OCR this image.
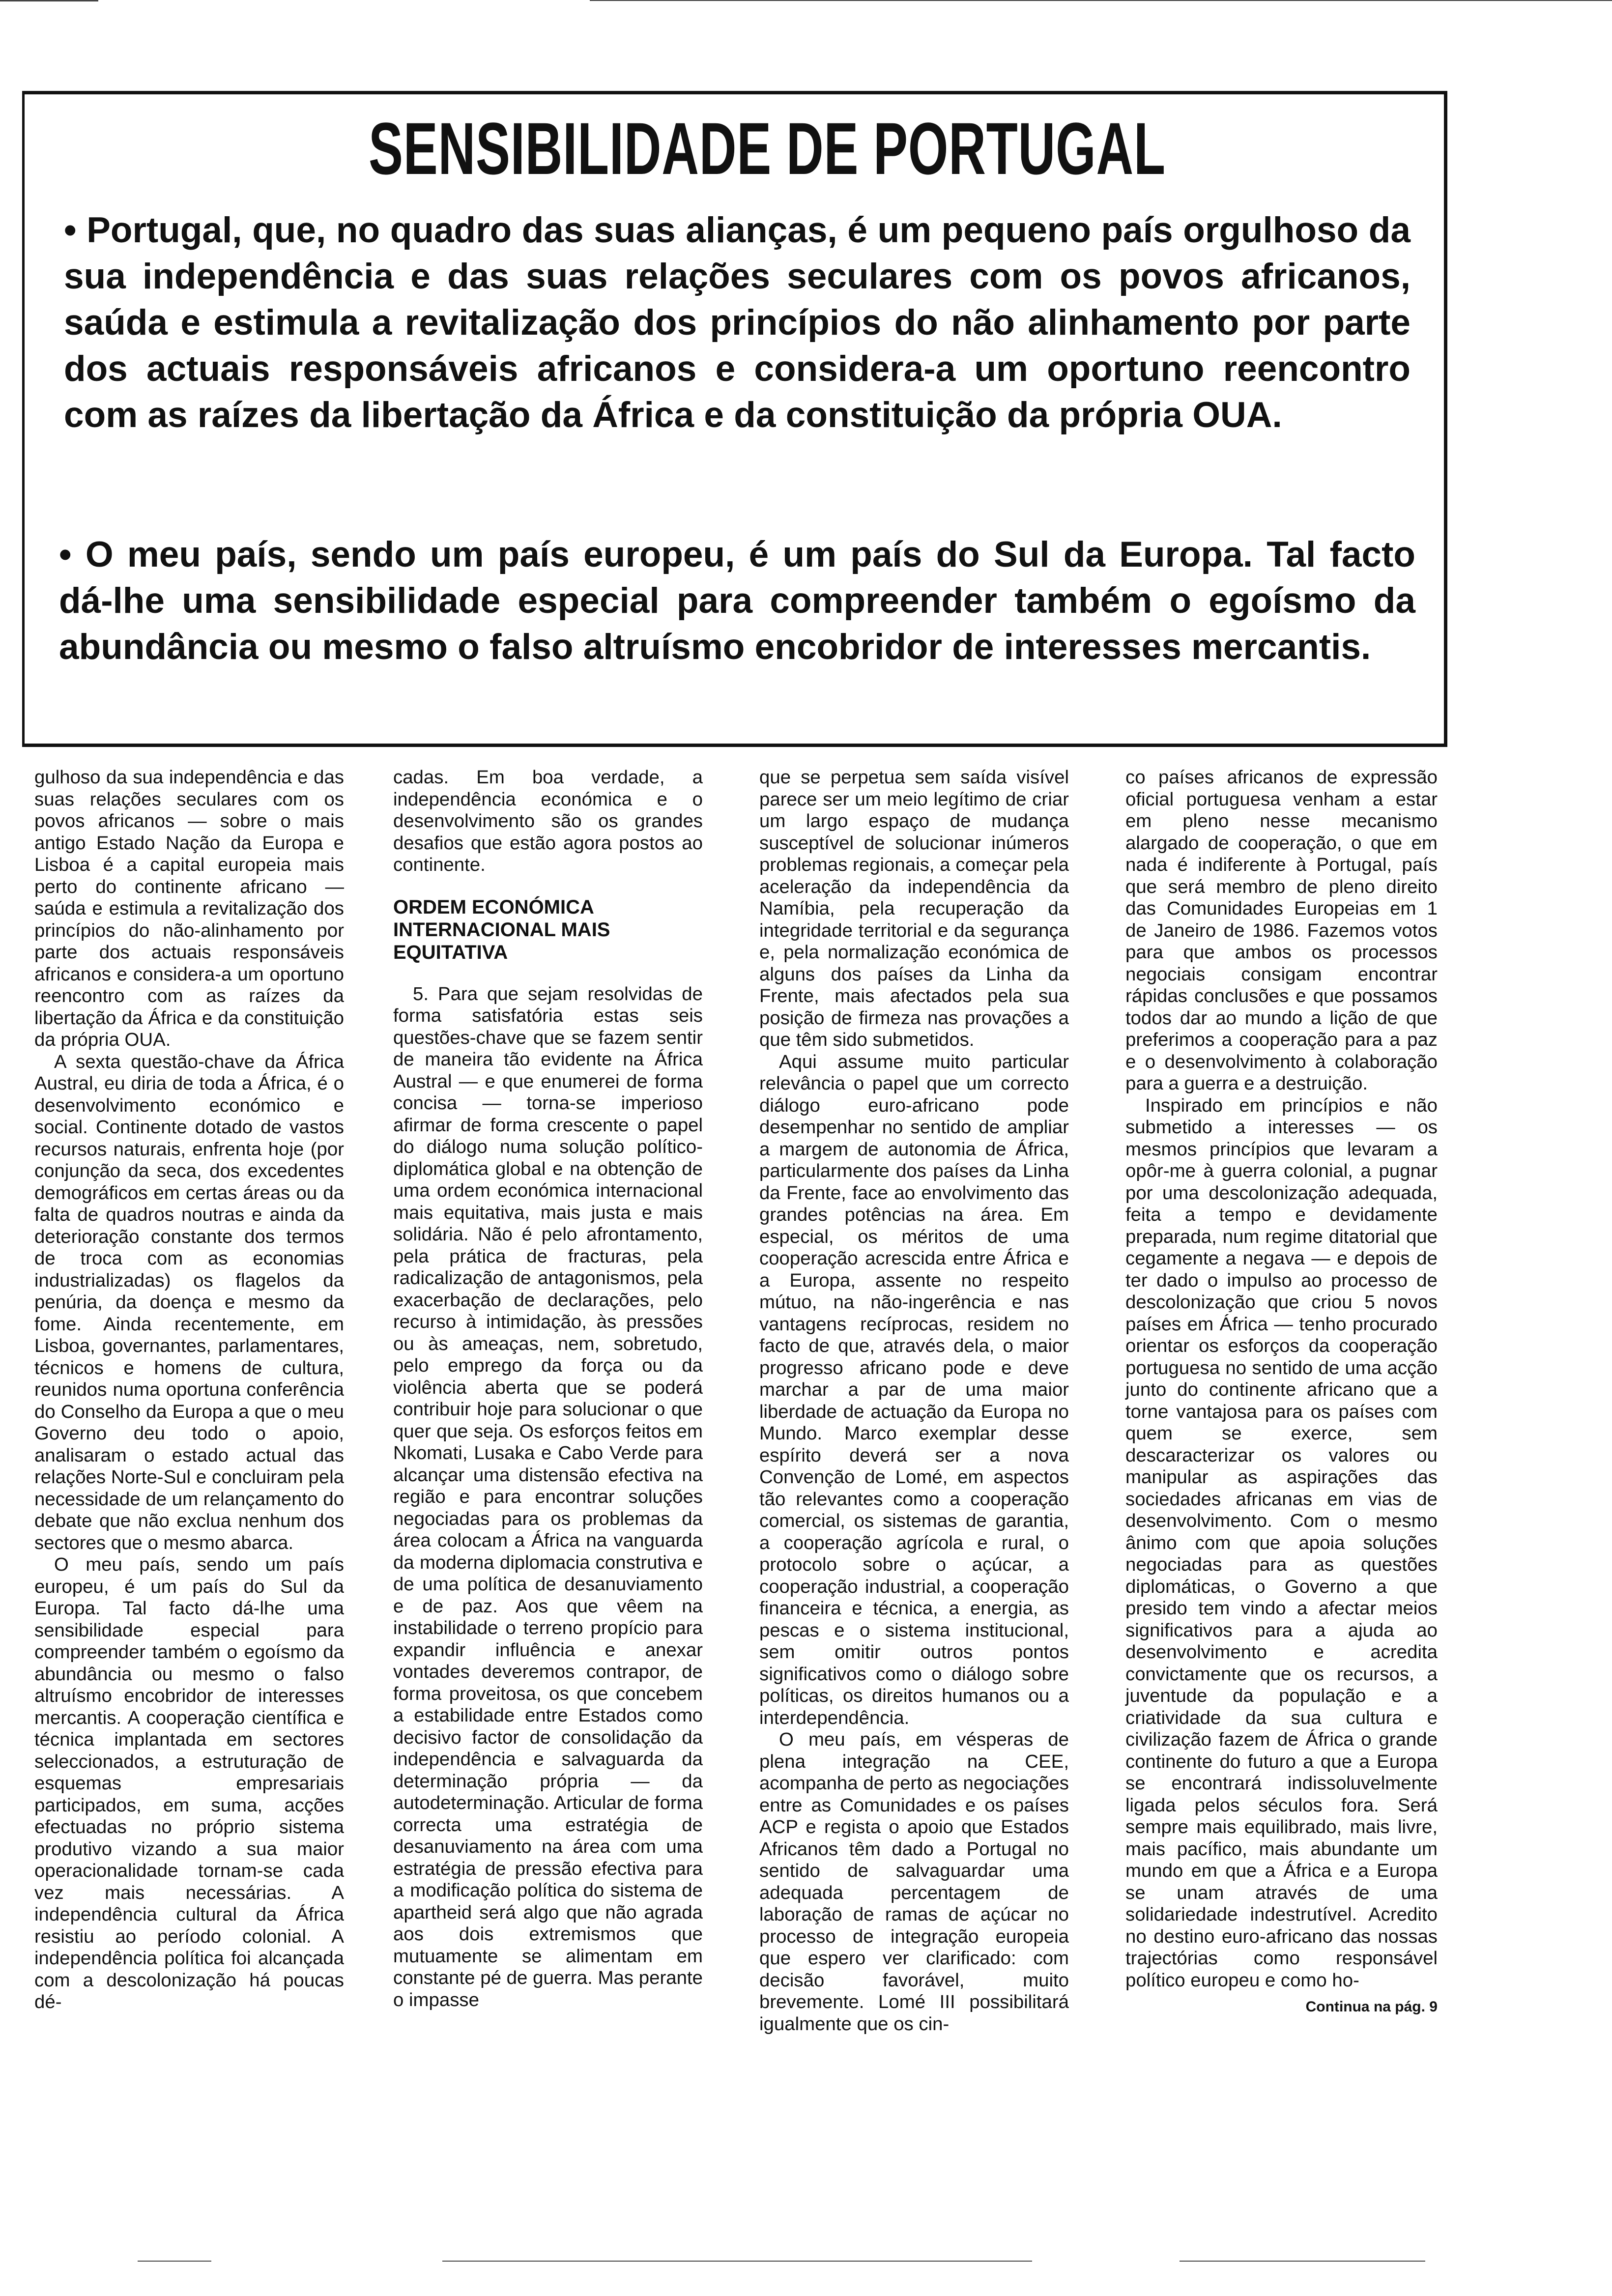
SENSIBILIDADE DE PORTUGAL

• Portugal, que, no quadro das suas alianças, é um pequeno país orgulhoso da sua independência e das suas relações seculares com os povos africanos, saúda e estimula a revitalização dos princípios do não alinhamento por parte dos actuais responsáveis africanos e considera-a um oportuno reencontro com as raízes da libertação da África e da constituição da própria OUA.

• O meu país, sendo um país europeu, é um país do Sul da Europa. Tal facto dá-lhe uma sensibilidade especial para compreender também o egoísmo da abundância ou mesmo o falso altruísmo encobridor de interesses mercantis.

gulhoso da sua independência e das suas relações seculares com os povos africanos — sobre o mais antigo Estado Nação da Europa e Lisboa é a capital europeia mais perto do continente africano — saúda e estimula a revitalização dos princípios do não-alinhamento por parte dos actuais responsáveis africanos e considera-a um oportuno reencontro com as raízes da libertação da África e da constituição da própria OUA.

A sexta questão-chave da África Austral, eu diria de toda a África, é o desenvolvimento económico e social. Continente dotado de vastos recursos naturais, enfrenta hoje (por conjunção da seca, dos excedentes demográficos em certas áreas ou da falta de quadros noutras e ainda da deterioração constante dos termos de troca com as economias industrializadas) os flagelos da penúria, da doença e mesmo da fome. Ainda recentemente, em Lisboa, governantes, parlamentares, técnicos e homens de cultura, reunidos numa oportuna conferência do Conselho da Europa a que o meu Governo deu todo o apoio, analisaram o estado actual das relações Norte-Sul e concluiram pela necessidade de um relançamento do debate que não exclua nenhum dos sectores que o mesmo abarca.

O meu país, sendo um país europeu, é um país do Sul da Europa. Tal facto dá-lhe uma sensibilidade especial para compreender também o egoísmo da abundância ou mesmo o falso altruísmo encobridor de interesses mercantis. A cooperação científica e técnica implantada em sectores seleccionados, a estruturação de esquemas empresariais participados, em suma, acções efectuadas no próprio sistema produtivo vizando a sua maior operacionalidade tornam-se cada vez mais necessárias. A independência cultural da África resistiu ao período colonial. A independência política foi alcançada com a descolonização há poucas dé-

cadas. Em boa verdade, a independência económica e o desenvolvimento são os grandes desafios que estão agora postos ao continente.

ORDEM ECONÓMICA INTERNACIONAL MAIS EQUITATIVA

5. Para que sejam resolvidas de forma satisfatória estas seis questões-chave que se fazem sentir de maneira tão evidente na África Austral — e que enumerei de forma concisa — torna-se imperioso afirmar de forma crescente o papel do diálogo numa solução político-diplomática global e na obtenção de uma ordem económica internacional mais equitativa, mais justa e mais solidária. Não é pelo afrontamento, pela prática de fracturas, pela radicalização de antagonismos, pela exacerbação de declarações, pelo recurso à intimidação, às pressões ou às ameaças, nem, sobretudo, pelo emprego da força ou da violência aberta que se poderá contribuir hoje para solucionar o que quer que seja. Os esforços feitos em Nkomati, Lusaka e Cabo Verde para alcançar uma distensão efectiva na região e para encontrar soluções negociadas para os problemas da área colocam a África na vanguarda da moderna diplomacia construtiva e de uma política de desanuviamento e de paz. Aos que vêem na instabilidade o terreno propício para expandir influência e anexar vontades deveremos contrapor, de forma proveitosa, os que concebem a estabilidade entre Estados como decisivo factor de consolidação da independência e salvaguarda da determinação própria — da autodeterminação. Articular de forma correcta uma estratégia de desanuviamento na área com uma estratégia de pressão efectiva para a modificação política do sistema de apartheid será algo que não agrada aos dois extremismos que mutuamente se alimentam em constante pé de guerra. Mas perante o impasse

que se perpetua sem saída visível parece ser um meio legítimo de criar um largo espaço de mudança susceptível de solucionar inúmeros problemas regionais, a começar pela aceleração da independência da Namíbia, pela recuperação da integridade territorial e da segurança e, pela normalização económica de alguns dos países da Linha da Frente, mais afectados pela sua posição de firmeza nas provações a que têm sido submetidos.

Aqui assume muito particular relevância o papel que um correcto diálogo euro-africano pode desempenhar no sentido de ampliar a margem de autonomia de África, particularmente dos países da Linha da Frente, face ao envolvimento das grandes potências na área. Em especial, os méritos de uma cooperação acrescida entre África e a Europa, assente no respeito mútuo, na não-ingerência e nas vantagens recíprocas, residem no facto de que, através dela, o maior progresso africano pode e deve marchar a par de uma maior liberdade de actuação da Europa no Mundo. Marco exemplar desse espírito deverá ser a nova Convenção de Lomé, em aspectos tão relevantes como a cooperação comercial, os sistemas de garantia, a cooperação agrícola e rural, o protocolo sobre o açúcar, a cooperação industrial, a cooperação financeira e técnica, a energia, as pescas e o sistema institucional, sem omitir outros pontos significativos como o diálogo sobre políticas, os direitos humanos ou a interdependência.

O meu país, em vésperas de plena integração na CEE, acompanha de perto as negociações entre as Comunidades e os países ACP e regista o apoio que Estados Africanos têm dado a Portugal no sentido de salvaguardar uma adequada percentagem de laboração de ramas de açúcar no processo de integração europeia que espero ver clarificado: com decisão favorável, muito brevemente. Lomé III possibilitará igualmente que os cin-

co países africanos de expressão oficial portuguesa venham a estar em pleno nesse mecanismo alargado de cooperação, o que em nada é indiferente à Portugal, país que será membro de pleno direito das Comunidades Europeias em 1 de Janeiro de 1986. Fazemos votos para que ambos os processos negociais consigam encontrar rápidas conclusões e que possamos todos dar ao mundo a lição de que preferimos a cooperação para a paz e o desenvolvimento à colaboração para a guerra e a destruição.

Inspirado em princípios e não submetido a interesses — os mesmos princípios que levaram a opôr-me à guerra colonial, a pugnar por uma descolonização adequada, feita a tempo e devidamente preparada, num regime ditatorial que cegamente a negava — e depois de ter dado o impulso ao processo de descolonização que criou 5 novos países em África — tenho procurado orientar os esforços da cooperação portuguesa no sentido de uma acção junto do continente africano que a torne vantajosa para os países com quem se exerce, sem descaracterizar os valores ou manipular as aspirações das sociedades africanas em vias de desenvolvimento. Com o mesmo ânimo com que apoia soluções negociadas para as questões diplomáticas, o Governo a que presido tem vindo a afectar meios significativos para a ajuda ao desenvolvimento e acredita convictamente que os recursos, a juventude da população e a criatividade da sua cultura e civilização fazem de África o grande continente do futuro a que a Europa se encontrará indissoluvelmente ligada pelos séculos fora. Será sempre mais equilibrado, mais livre, mais pacífico, mais abundante um mundo em que a África e a Europa se unam através de uma solidariedade indestrutível. Acredito no destino euro-africano das nossas trajectórias como responsável político europeu e como ho-

Continua na pág. 9
